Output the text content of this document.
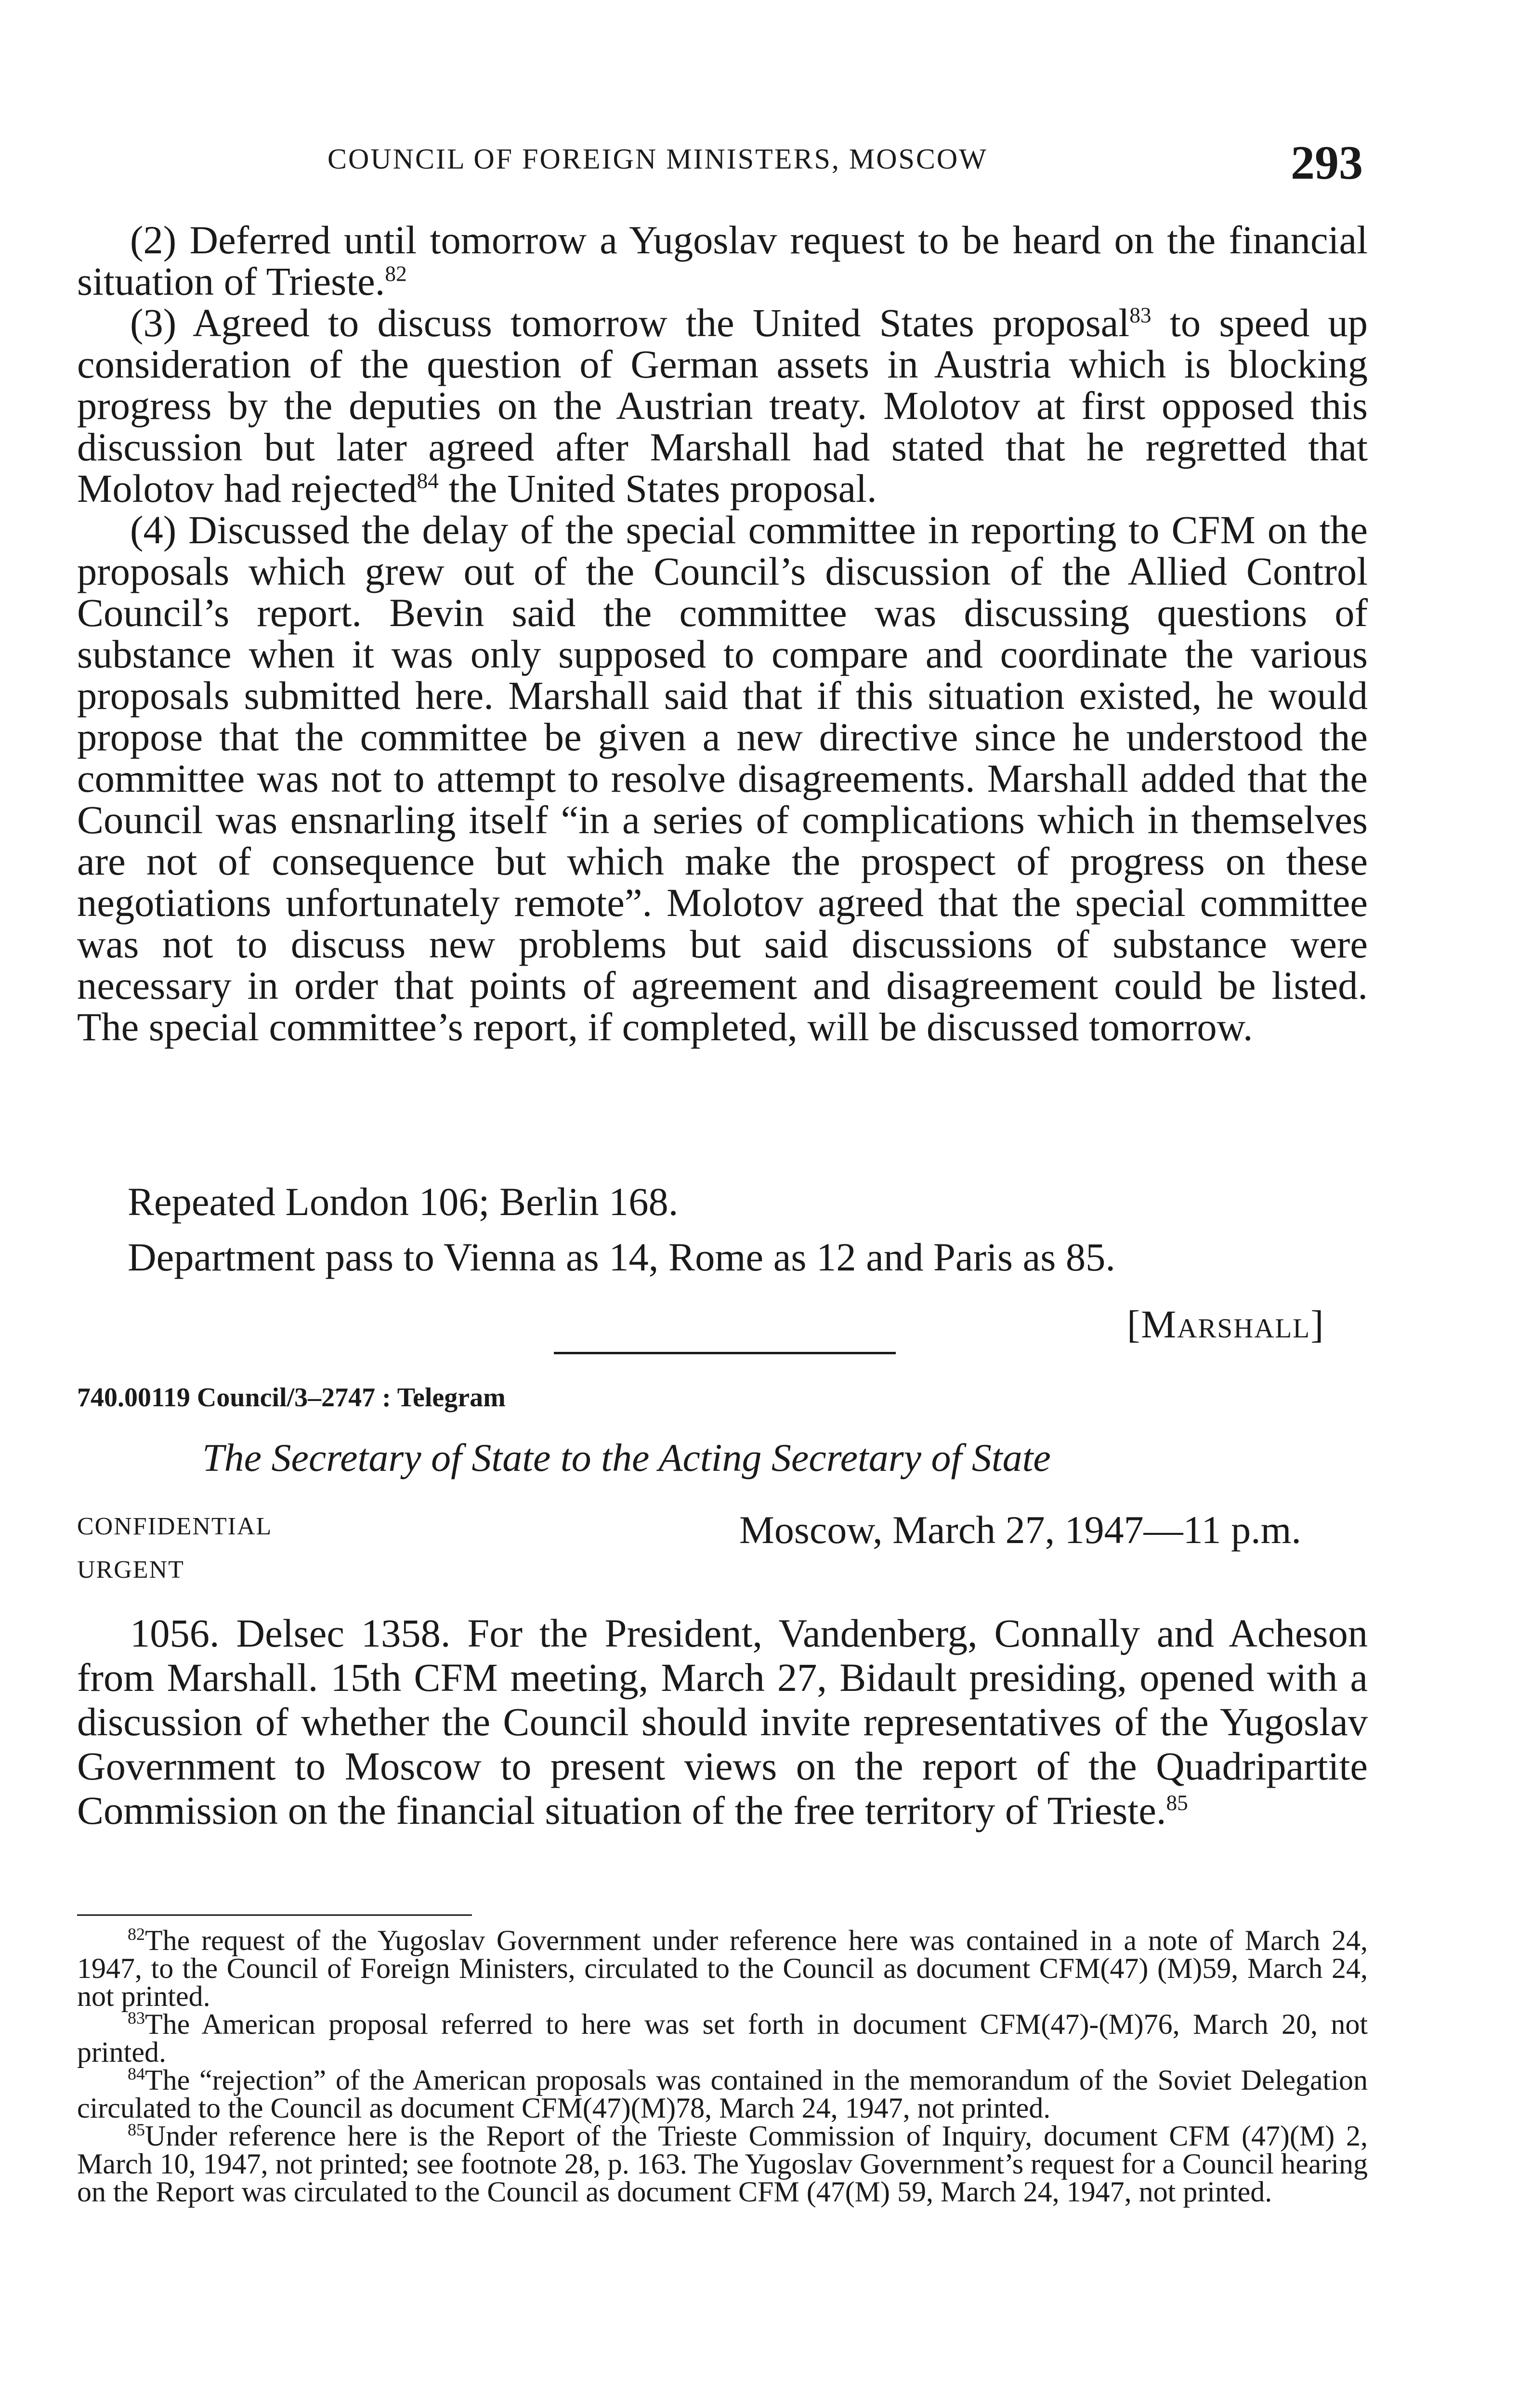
COUNCIL OF FOREIGN MINISTERS, MOSCOW	293

(2) Deferred until tomorrow a Yugoslav request to be heard on the financial situation of Trieste.$^{82}$

(3) Agreed to discuss tomorrow the United States proposal$^{83}$ to speed up consideration of the question of German assets in Austria which is blocking progress by the deputies on the Austrian treaty. Molotov at first opposed this discussion but later agreed after Marshall had stated that he regretted that Molotov had rejected$^{84}$ the United States proposal.

(4) Discussed the delay of the special committee in reporting to CFM on the proposals which grew out of the Council’s discussion of the Allied Control Council’s report. Bevin said the committee was discussing questions of substance when it was only supposed to compare and coordinate the various proposals submitted here. Marshall said that if this situation existed, he would propose that the committee be given a new directive since he understood the committee was not to attempt to resolve disagreements. Marshall added that the Council was ensnarling itself “in a series of complications which in themselves are not of consequence but which make the prospect of progress on these negotiations unfortunately remote”. Molotov agreed that the special committee was not to discuss new problems but said discussions of substance were necessary in order that points of agreement and disagreement could be listed. The special committee’s report, if completed, will be discussed tomorrow.

Repeated London 106; Berlin 168.

Department pass to Vienna as 14, Rome as 12 and Paris as 85.

[Marshall]
740.00119 Council/3–2747 : Telegram
The Secretary of State to the Acting Secretary of State
CONFIDENTIAL
URGENT
Moscow, March 27, 1947—11 p.m.

1056. Delsec 1358. For the President, Vandenberg, Connally and Acheson from Marshall. 15th CFM meeting, March 27, Bidault presiding, opened with a discussion of whether the Council should invite representatives of the Yugoslav Government to Moscow to present views on the report of the Quadripartite Commission on the financial situation of the free territory of Trieste.$^{85}$

$^{82}$The request of the Yugoslav Government under reference here was contained in a note of March 24, 1947, to the Council of Foreign Ministers, circulated to the Council as document CFM(47) (M)59, March 24, not printed.

$^{83}$The American proposal referred to here was set forth in document CFM(47)-(M)76, March 20, not printed.

$^{84}$The “rejection” of the American proposals was contained in the memorandum of the Soviet Delegation circulated to the Council as document CFM(47)(M)78, March 24, 1947, not printed.

$^{85}$Under reference here is the Report of the Trieste Commission of Inquiry, document CFM (47)(M) 2, March 10, 1947, not printed; see footnote 28, p. 163. The Yugoslav Government’s request for a Council hearing on the Report was circulated to the Council as document CFM (47(M) 59, March 24, 1947, not printed.
